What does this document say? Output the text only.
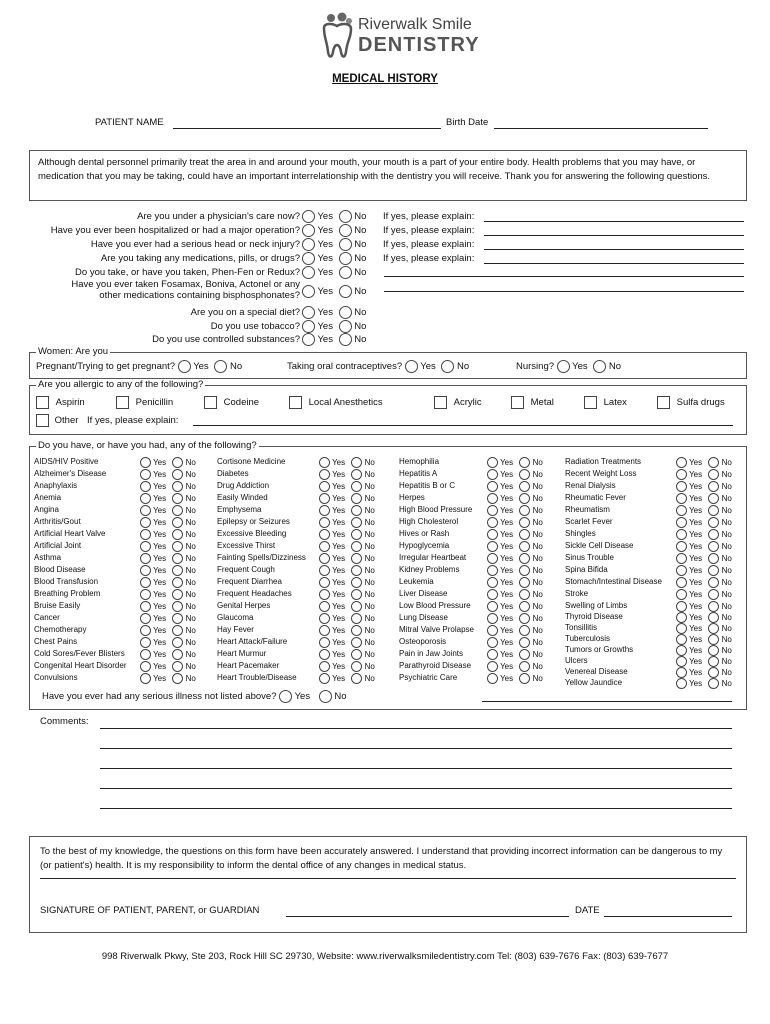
Riverwalk Smile
DENTISTRY
MEDICAL HISTORY
PATIENT NAME	Birth Date
Although dental personnel primarily treat the area in and around your mouth, your mouth is a part of your entire body. Health problems that you may have, or medication that you may be taking, could have an important interrelationship with the dentistry you will receive. Thank you for answering the following questions.
Are you under a physician's care now?	Yes No If yes, please explain:
Have you ever been hospitalized or had a major operation?	Yes No If yes, please explain:
Have you ever had a serious head or neck injury?	Yes No If yes, please explain:
Are you taking any medications, pills, or drugs?	Yes No If yes, please explain:
Do you take, or have you taken, Phen-Fen or Redux?	Yes No
Have you ever taken Fosamax, Boniva, Actonel or any
other medications containing bisphosphonates?	Yes No
Are you on a special diet?	Yes No
Do you use tobacco?	Yes No
Do you use controlled substances?	Yes No
Women: Are you
Pregnant/Trying to get pregnant? Yes No	Taking oral contraceptives? Yes No	Nursing? Yes No
Are you allergic to any of the following?
Aspirin	Penicillin	Codeine	Local Anesthetics	Acrylic	Metal	Latex	Sulfa drugs
Other If yes, please explain:
Do you have, or have you had, any of the following?
AIDS/HIV Positive	Yes No
Alzheimer's Disease	Yes No
Anaphylaxis	Yes No
Anemia	Yes No
Angina	Yes No
Arthritis/Gout	Yes No
Artificial Heart Valve	Yes No
Artificial Joint	Yes No
Asthma	Yes No
Blood Disease	Yes No
Blood Transfusion	Yes No
Breathing Problem	Yes No
Bruise Easily	Yes No
Cancer	Yes No
Chemotherapy	Yes No
Chest Pains	Yes No
Cold Sores/Fever Blisters	Yes No
Congenital Heart Disorder	Yes No
Convulsions	Yes No
Cortisone Medicine	Yes No
Diabetes	Yes No
Drug Addiction	Yes No
Easily Winded	Yes No
Emphysema	Yes No
Epilepsy or Seizures	Yes No
Excessive Bleeding	Yes No
Excessive Thirst	Yes No
Fainting Spells/Dizziness	Yes No
Frequent Cough	Yes No
Frequent Diarrhea	Yes No
Frequent Headaches	Yes No
Genital Herpes	Yes No
Glaucoma	Yes No
Hay Fever	Yes No
Heart Attack/Failure	Yes No
Heart Murmur	Yes No
Heart Pacemaker	Yes No
Heart Trouble/Disease	Yes No
Hemophilia	Yes No
Hepatitis A	Yes No
Hepatitis B or C	Yes No
Herpes	Yes No
High Blood Pressure	Yes No
High Cholesterol	Yes No
Hives or Rash	Yes No
Hypoglycemia	Yes No
Irregular Heartbeat	Yes No
Kidney Problems	Yes No
Leukemia	Yes No
Liver Disease	Yes No
Low Blood Pressure	Yes No
Lung Disease	Yes No
Mitral Valve Prolapse	Yes No
Osteoporosis	Yes No
Pain in Jaw Joints	Yes No
Parathyroid Disease	Yes No
Psychiatric Care	Yes No
Radiation Treatments	Yes No
Recent Weight Loss	Yes No
Renal Dialysis	Yes No
Rheumatic Fever	Yes No
Rheumatism	Yes No
Scarlet Fever	Yes No
Shingles	Yes No
Sickle Cell Disease	Yes No
Sinus Trouble	Yes No
Spina Bifida	Yes No
Stomach/Intestinal Disease	Yes No
Stroke	Yes No
Swelling of Limbs	Yes No
Thyroid Disease	Yes No
Tonsillitis	Yes No
Tuberculosis	Yes No
Tumors or Growths	Yes No
Ulcers	Yes No
Venereal Disease	Yes No
Yellow Jaundice	Yes No
Have you ever had any serious illness not listed above? Yes	No
Comments:
To the best of my knowledge, the questions on this form have been accurately answered. I understand that providing incorrect information can be dangerous to my (or patient's) health. It is my responsibility to inform the dental office of any changes in medical status.
SIGNATURE OF PATIENT, PARENT, or GUARDIAN	DATE
998 Riverwalk Pkwy, Ste 203, Rock Hill SC 29730, Website: www.riverwalksmiledentistry.com Tel: (803) 639-7676 Fax: (803) 639-7677
